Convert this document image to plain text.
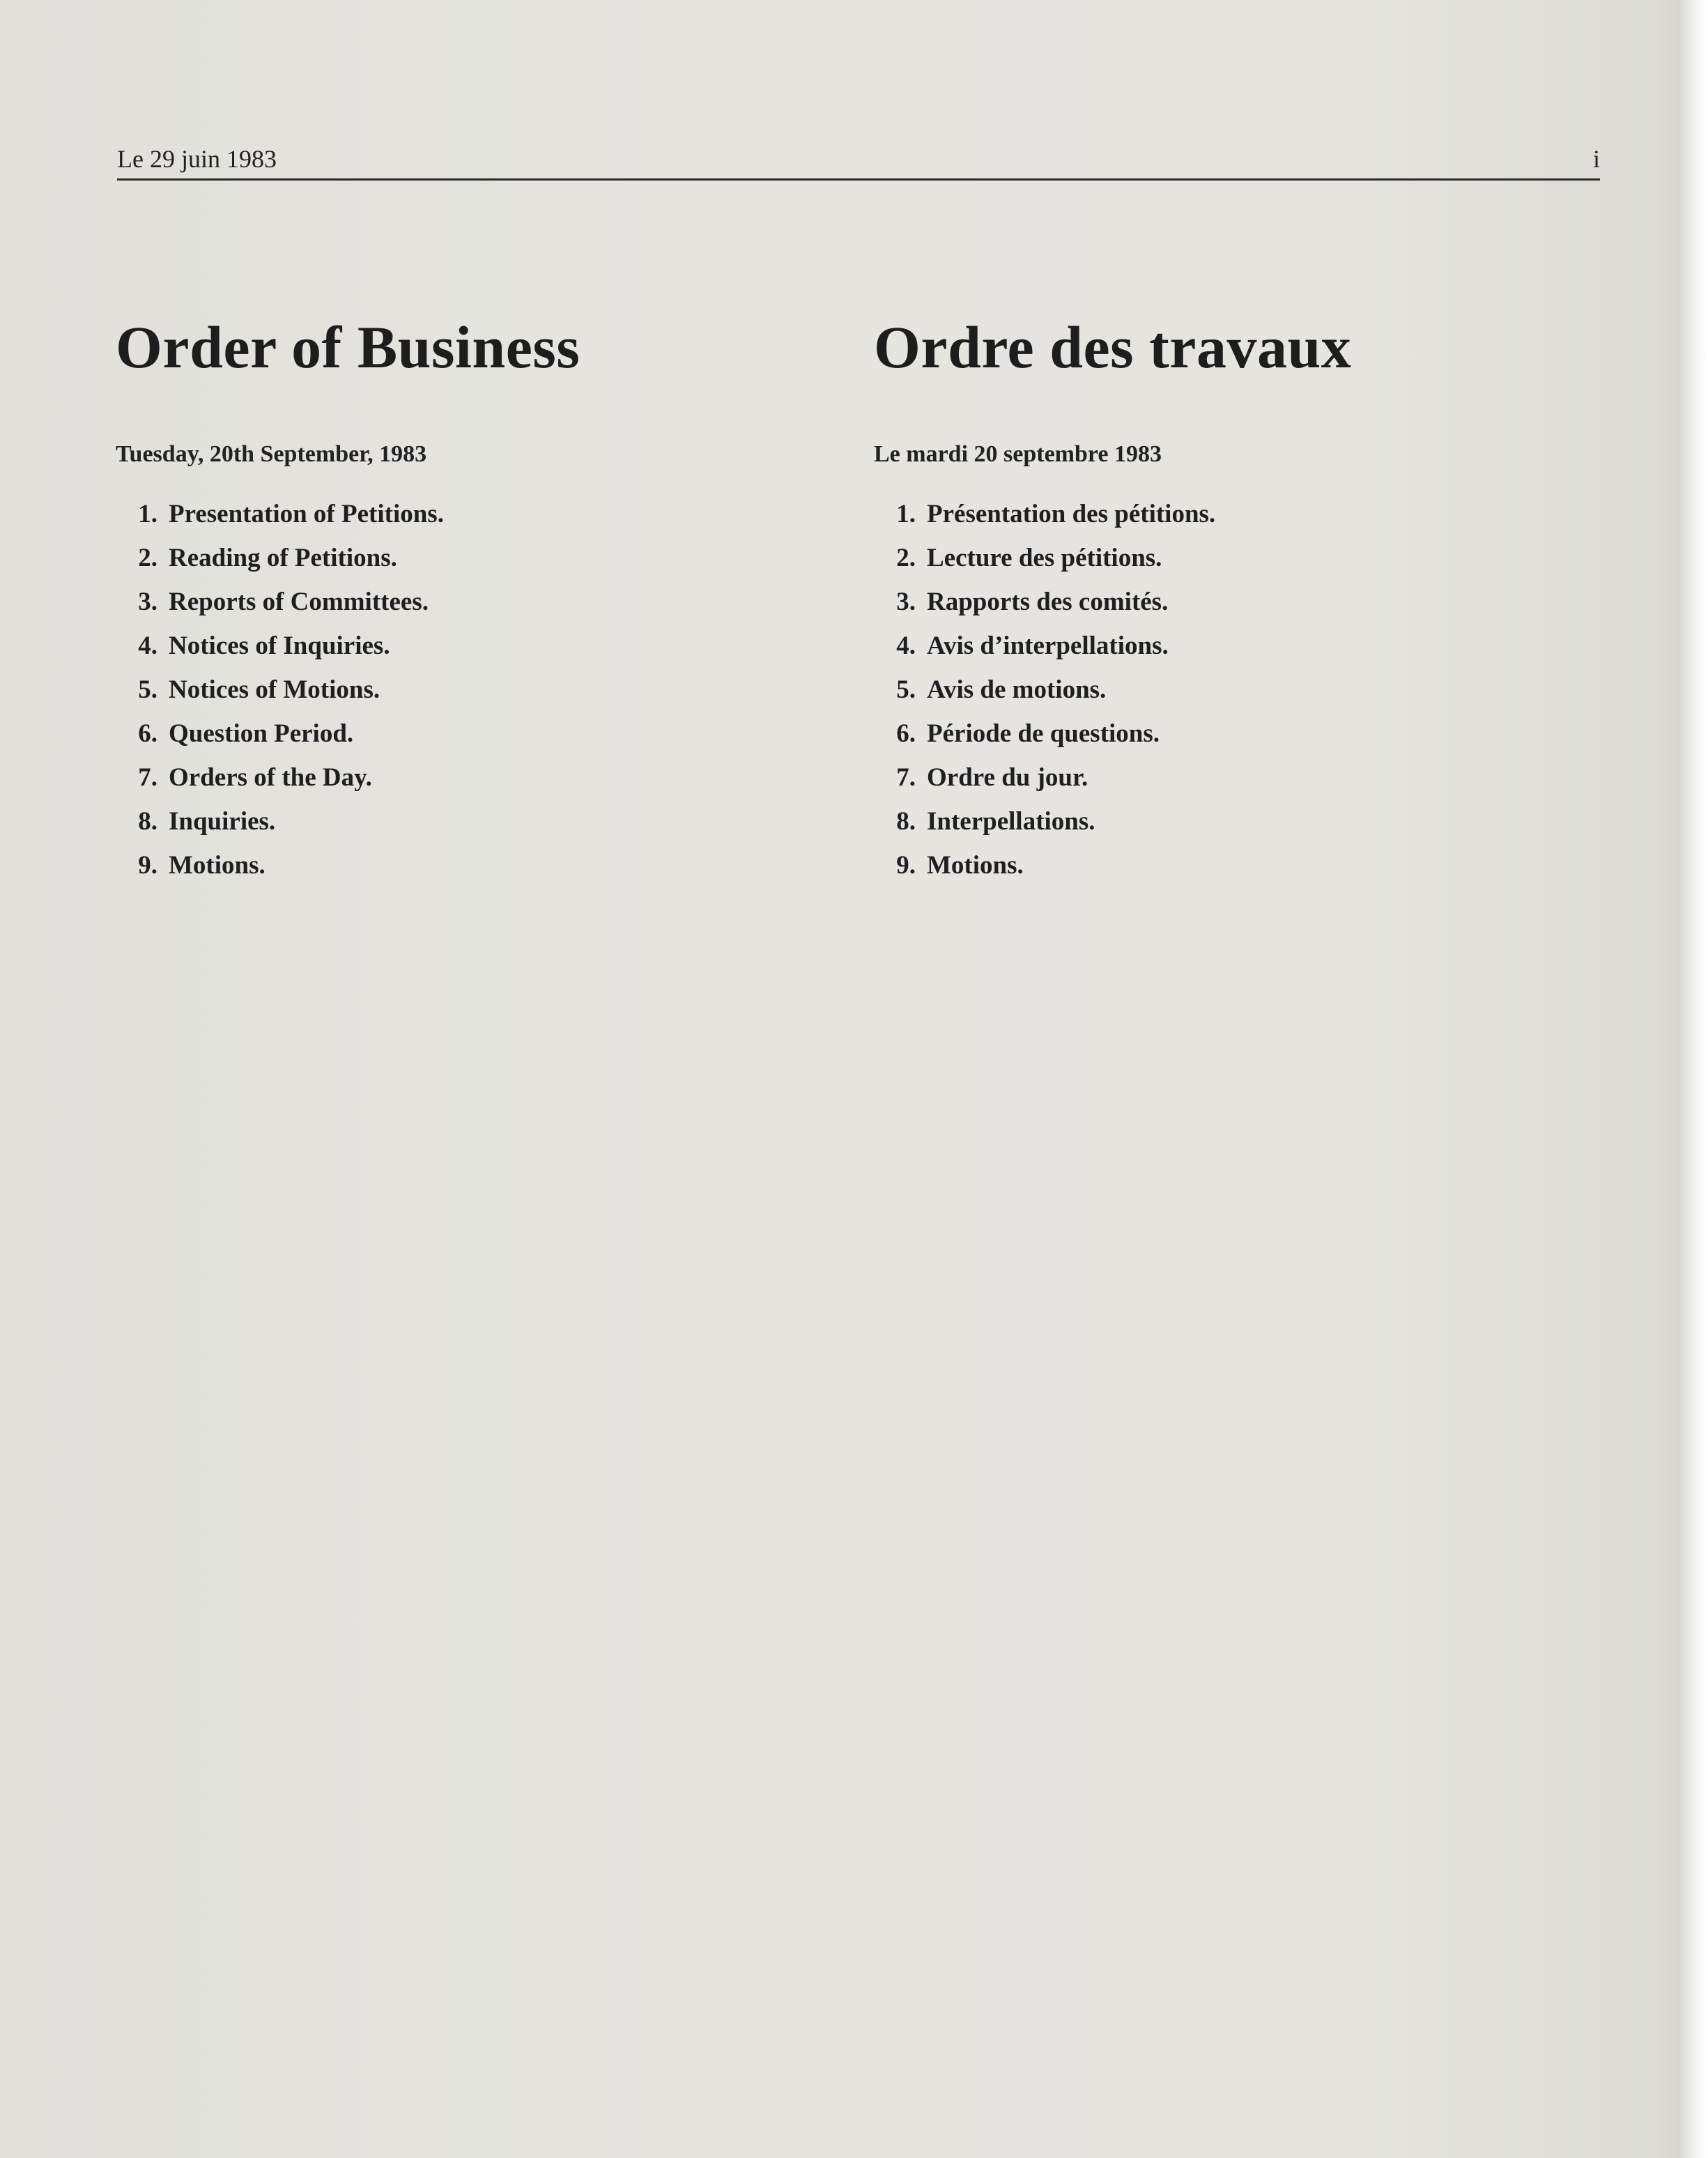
Le 29 juin 1983	i
Order of Business

Tuesday, 20th September, 1983

1. Presentation of Petitions.
2. Reading of Petitions.
3. Reports of Committees.
4. Notices of Inquiries.
5. Notices of Motions.
6. Question Period.
7. Orders of the Day.
8. Inquiries.
9. Motions.
Ordre des travaux

Le mardi 20 septembre 1983

1. Présentation des pétitions.
2. Lecture des pétitions.
3. Rapports des comités.
4. Avis d’interpellations.
5. Avis de motions.
6. Période de questions.
7. Ordre du jour.
8. Interpellations.
9. Motions.
